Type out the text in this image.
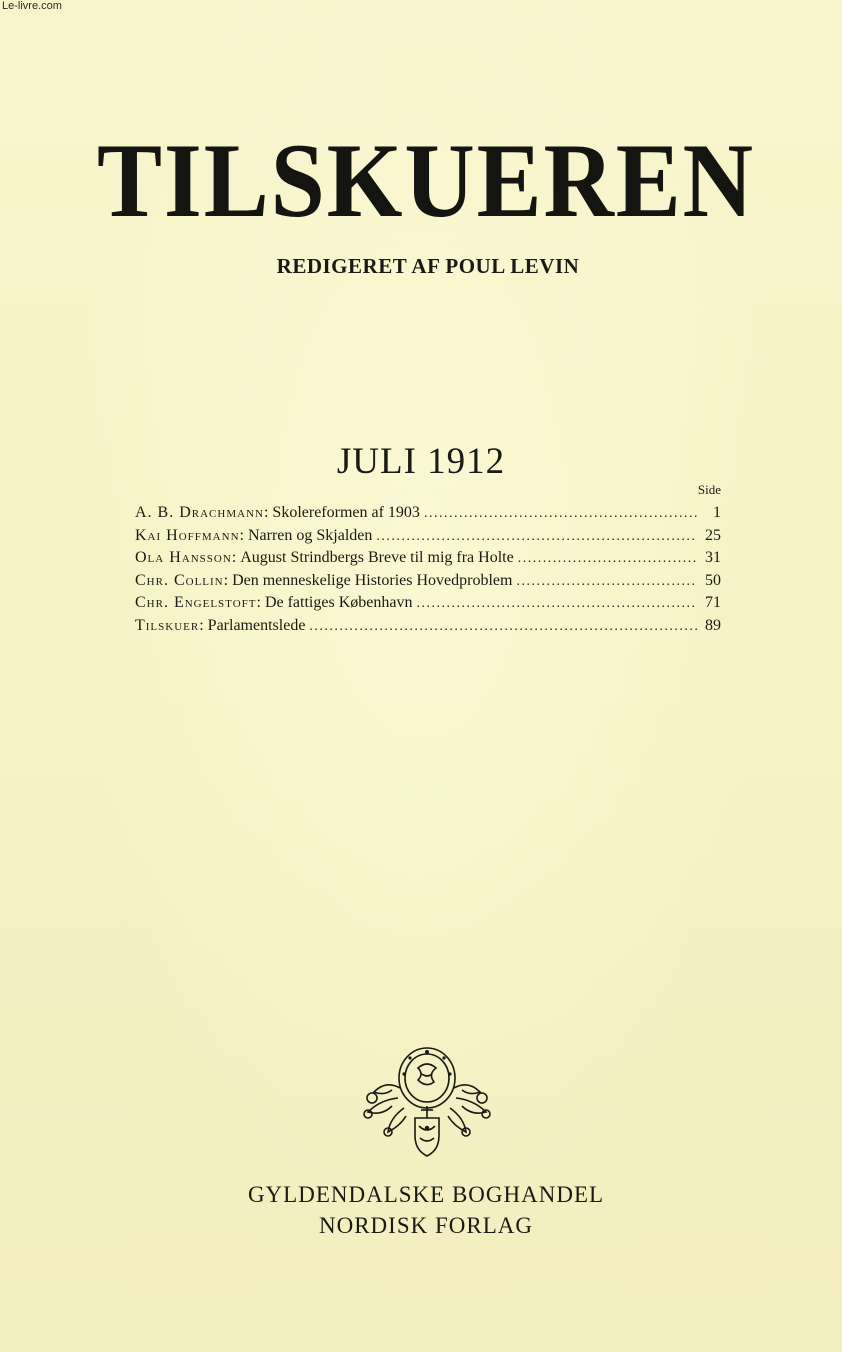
Le-livre.com
TILSKUEREN
REDIGERET AF POUL LEVIN
JULI 1912
Side
A. B. Drachmann : Skolereformen af 1903 . . .	1
Kai Hoffmann : Narren og Skjalden . . .	25
Ola Hansson : August Strindbergs Breve til mig fra Holte . . .	31
Chr. Collin : Den menneskelige Histories Hovedproblem . . .	50
Chr. Engelstoft : De fattiges København . . .	71
Tilskuer : Parlamentslede . . .	89
GYLDENDALSKE BOGHANDEL
NORDISK FORLAG
